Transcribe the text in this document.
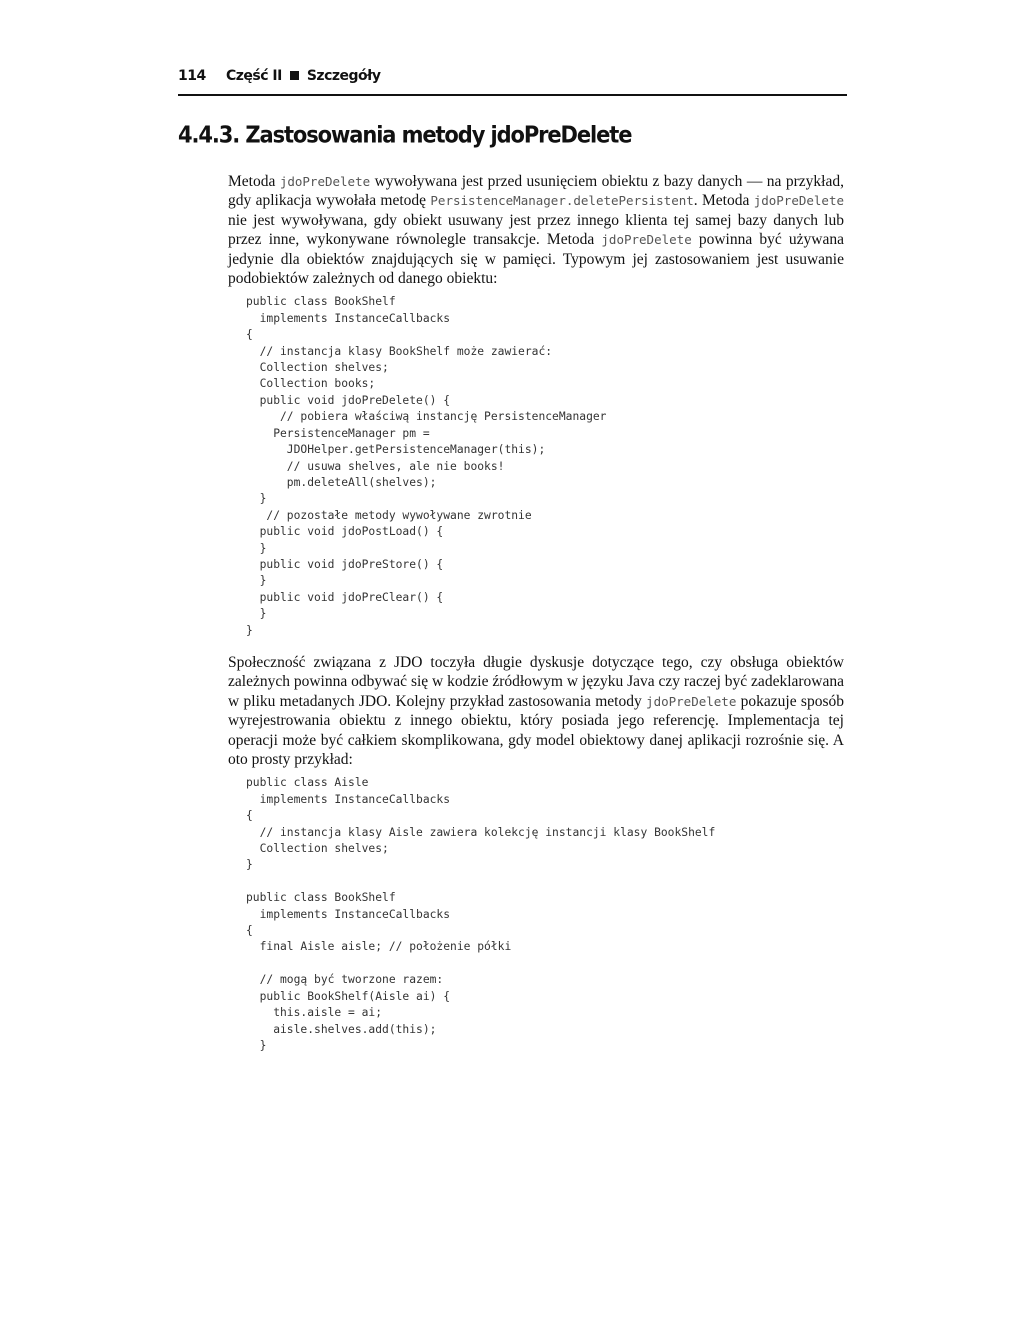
114	Część II Szczegóły
4.4.3. Zastosowania metody jdoPreDelete

Metoda jdoPreDelete wywoływana jest przed usunięciem obiektu z bazy danych — na przykład, gdy aplikacja wywołała metodę PersistenceManager.deletePersistent. Metoda jdoPreDelete nie jest wywoływana, gdy obiekt usuwany jest przez innego klienta tej samej bazy danych lub przez inne, wykonywane równolegle transakcje. Metoda jdoPreDelete powinna być używana jedynie dla obiektów znajdujących się w pamięci. Typowym jej zastosowaniem jest usuwanie podobiektów zależnych od danego obiektu:

public class BookShelf
implements InstanceCallbacks
{
// instancja klasy BookShelf może zawierać:
Collection shelves;
Collection books;
public void jdoPreDelete() {
// pobiera właściwą instancję PersistenceManager
PersistenceManager pm =
JDOHelper.getPersistenceManager(this);
// usuwa shelves, ale nie books!
pm.deleteAll(shelves);
}
// pozostałe metody wywoływane zwrotnie
public void jdoPostLoad() {
}
public void jdoPreStore() {
}
public void jdoPreClear() {
}
}

Społeczność związana z JDO toczyła długie dyskusje dotyczące tego, czy obsługa obiektów zależnych powinna odbywać się w kodzie źródłowym w języku Java czy raczej być zadeklarowana w pliku metadanych JDO. Kolejny przykład zastosowania metody jdoPreDelete pokazuje sposób wyrejestrowania obiektu z innego obiektu, który posiada jego referencję. Implementacja tej operacji może być całkiem skomplikowana, gdy model obiektowy danej aplikacji rozrośnie się. A oto prosty przykład:

public class Aisle
implements InstanceCallbacks
{
// instancja klasy Aisle zawiera kolekcję instancji klasy BookShelf
Collection shelves;
}

public class BookShelf
implements InstanceCallbacks
{
final Aisle aisle; // położenie półki

// mogą być tworzone razem:
public BookShelf(Aisle ai) {
this.aisle = ai;
aisle.shelves.add(this);
}
